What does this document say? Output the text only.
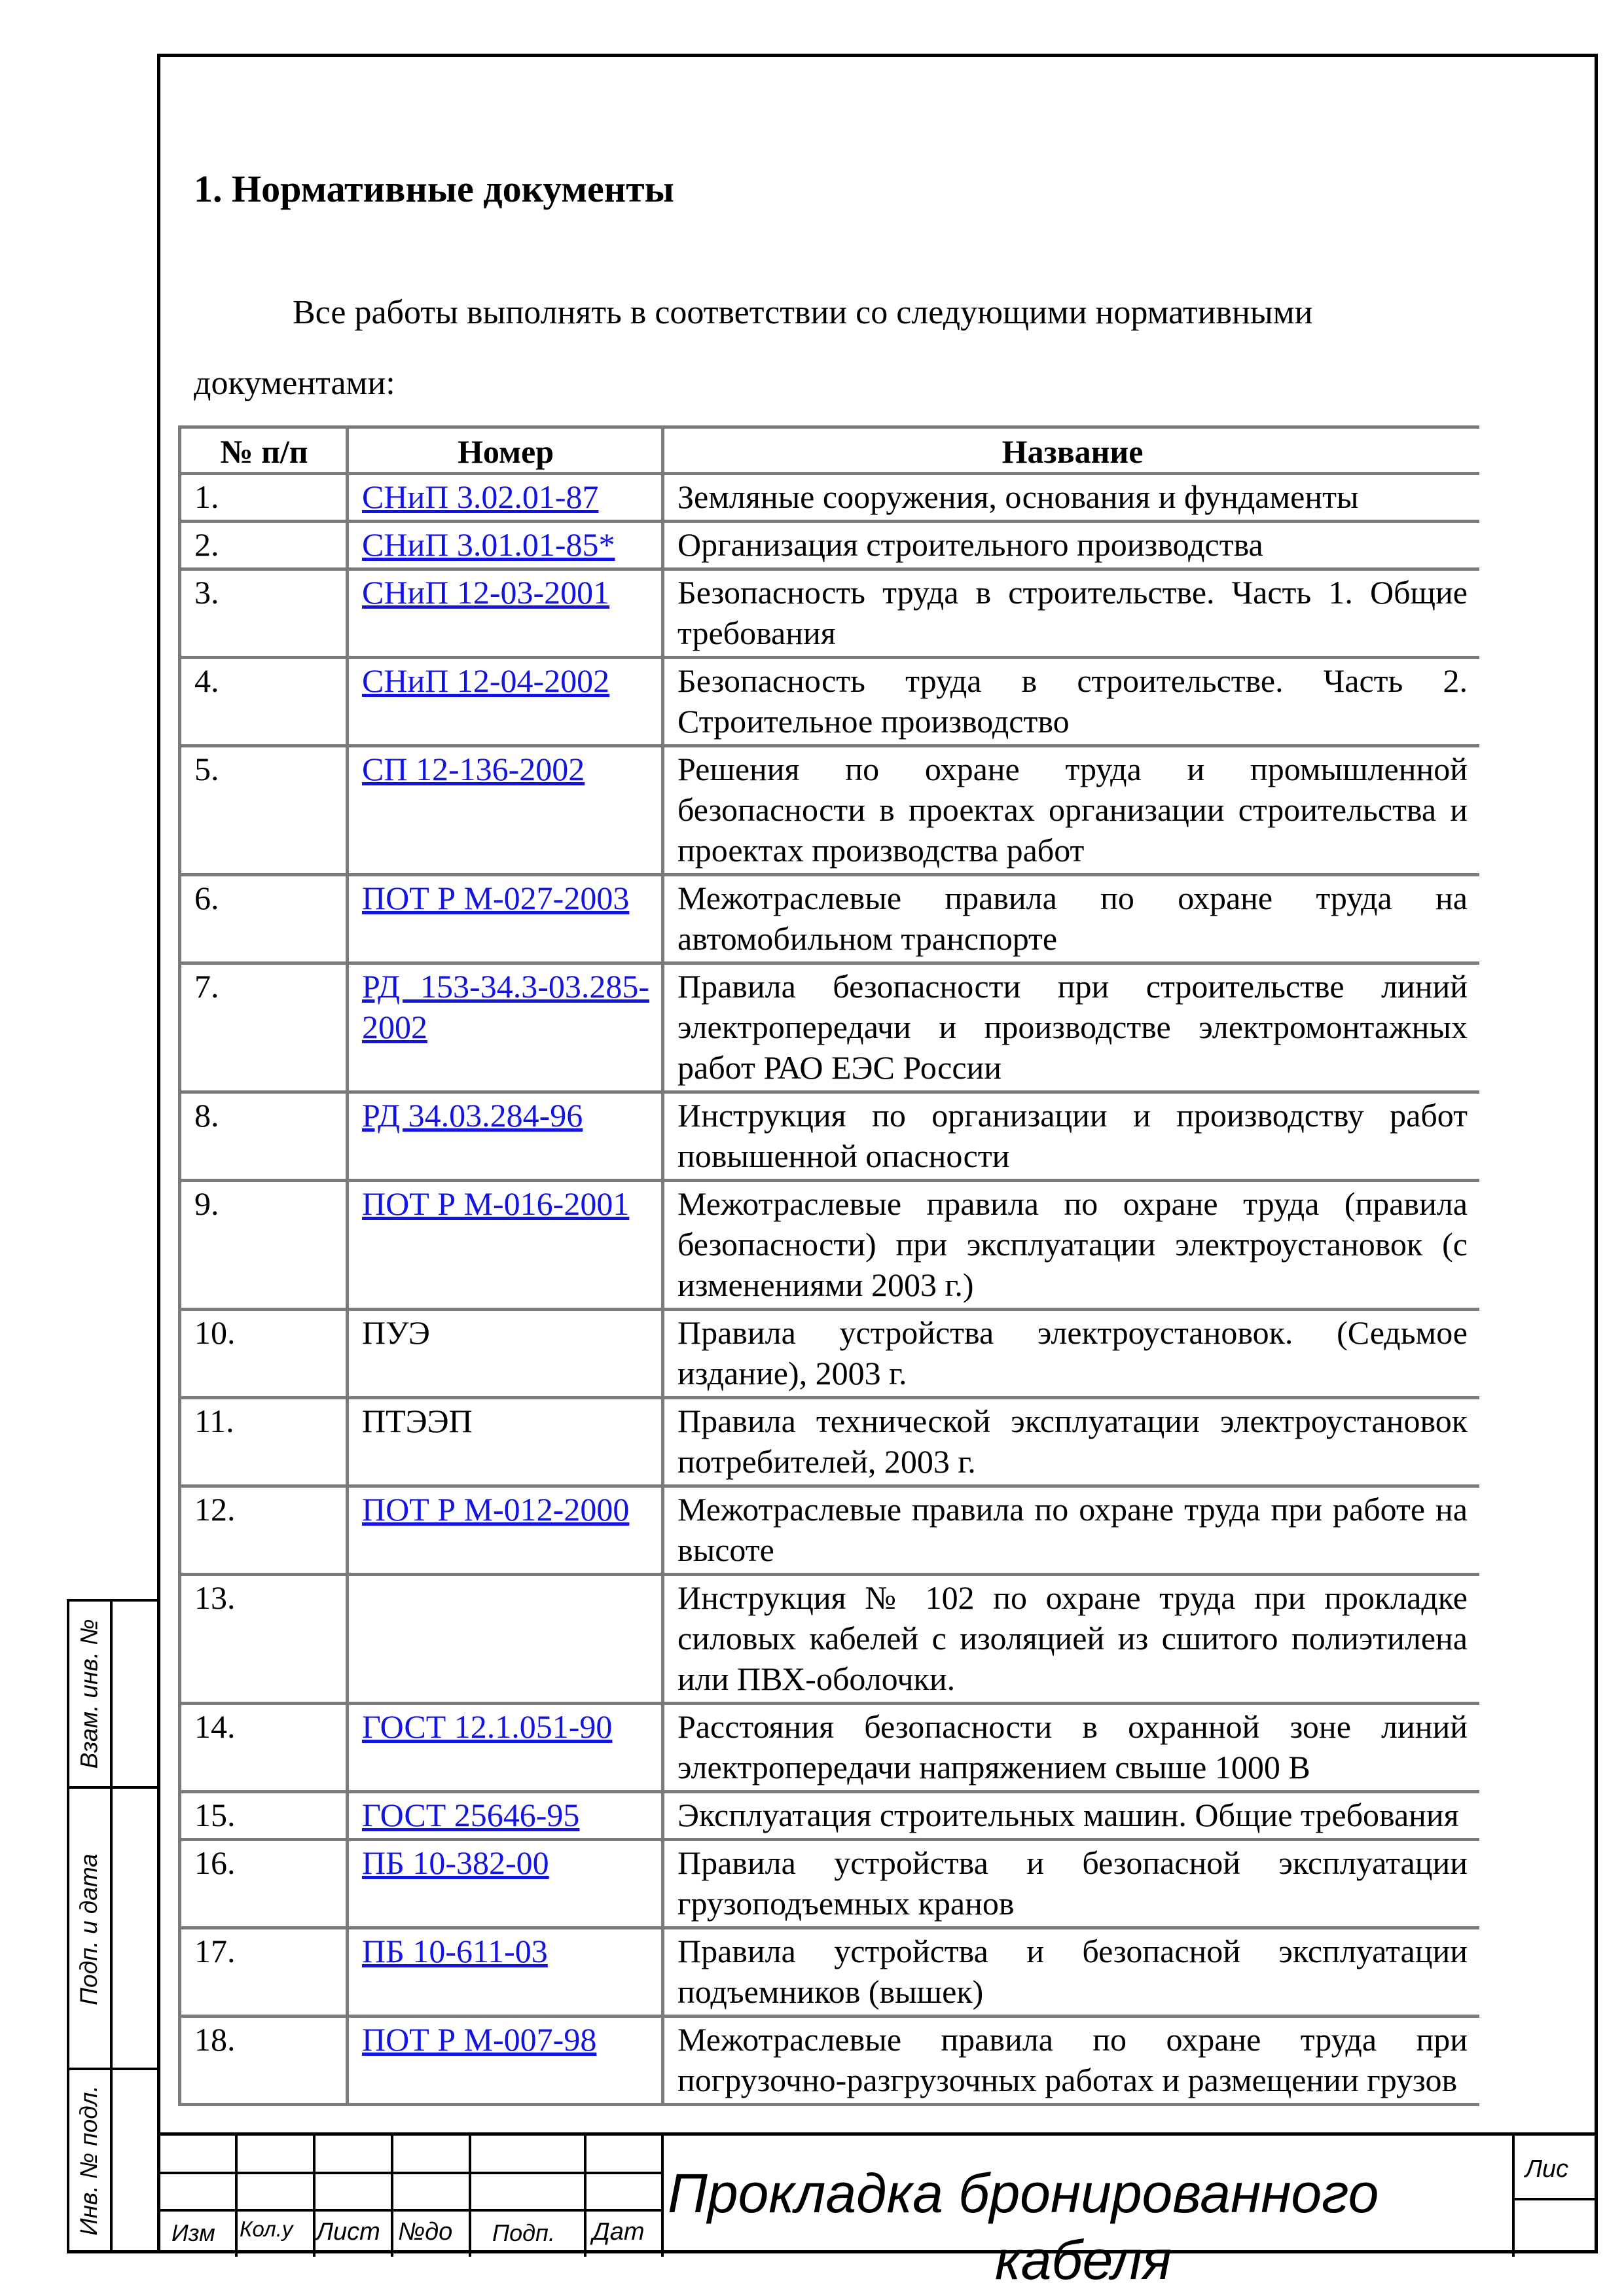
1. Нормативные документы
Все работы выполнять в соответствии со следующими нормативными
документами:
№ п/п	Номер	Название
1.	СНиП 3.02.01-87	Земляные сооружения, основания и фундаменты
2.	СНиП 3.01.01-85*	Организация строительного производства
3.	СНиП 12-03-2001	Безопасность труда в строительстве. Часть 1. Общие требования
4.	СНиП 12-04-2002	Безопасность труда в строительстве. Часть 2. Строительное производство
5.	СП 12-136-2002	Решения по охране труда и промышленной безопасности в проектах организации строительства и проектах производства работ
6.	ПОТ Р М-027-2003	Межотраслевые правила по охране труда на автомобильном транспорте
7.	РД 153-34.3-03.285-2002	Правила безопасности при строительстве линий электропередачи и производстве электромонтажных работ РАО ЕЭС России
8.	РД 34.03.284-96	Инструкция по организации и производству работ повышенной опасности
9.	ПОТ Р М-016-2001	Межотраслевые правила по охране труда (правила безопасности) при эксплуатации электроустановок (с изменениями 2003 г.)
10.	ПУЭ	Правила устройства электроустановок. (Седьмое издание), 2003 г.
11.	ПТЭЭП	Правила технической эксплуатации электроустановок потребителей, 2003 г.
12.	ПОТ Р М-012-2000	Межотраслевые правила по охране труда при работе на высоте
13.		Инструкция № 102 по охране труда при прокладке силовых кабелей с изоляцией из сшитого полиэтилена или ПВХ-оболочки.
14.	ГОСТ 12.1.051-90	Расстояния безопасности в охранной зоне линий электропередачи напряжением свыше 1000 В
15.	ГОСТ 25646-95	Эксплуатация строительных машин. Общие требования
16.	ПБ 10-382-00	Правила устройства и безопасной эксплуатации грузоподъемных кранов
17.	ПБ 10-611-03	Правила устройства и безопасной эксплуатации подъемников (вышек)
18.	ПОТ Р М-007-98	Межотраслевые правила по охране труда при погрузочно-разгрузочных работах и размещении грузов
Взам. инв. №
Подп. и дата
Инв. № подл.	Изм Кол.у Лист №до Подп. Дат
Лис
Прокладка бронированного
кабеля
